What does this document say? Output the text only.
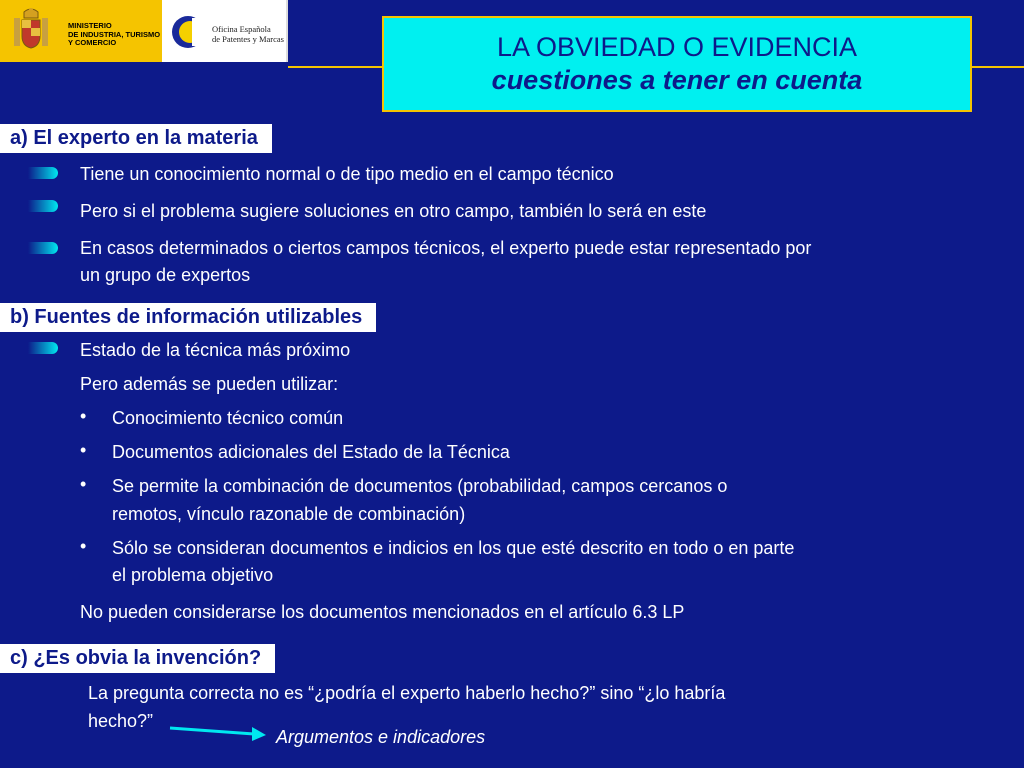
MINISTERIO
DE INDUSTRIA, TURISMO
Y COMERCIO
Oficina Española
de Patentes y Marcas	LA OBVIEDAD O EVIDENCIA
cuestiones a tener en cuenta
a) El experto en la materia
Tiene un conocimiento normal o de tipo medio en el campo técnico
Pero si el problema sugiere soluciones en otro campo, también lo será en este
En casos determinados o ciertos campos técnicos, el experto puede estar representado por
un grupo de expertos
b) Fuentes de información utilizables
Estado de la técnica más próximo
Pero además se pueden utilizar:
• Conocimiento técnico común
• Documentos adicionales del Estado de la Técnica
• Se permite la combinación de documentos (probabilidad, campos cercanos o
remotos, vínculo razonable de combinación)
• Sólo se consideran documentos e indicios en los que esté descrito en todo o en parte
el problema objetivo
No pueden considerarse los documentos mencionados en el artículo 6.3 LP
c) ¿Es obvia la invención?
La pregunta correcta no es “¿podría el experto haberlo hecho?” sino “¿lo habría
hecho?”
Argumentos e indicadores
